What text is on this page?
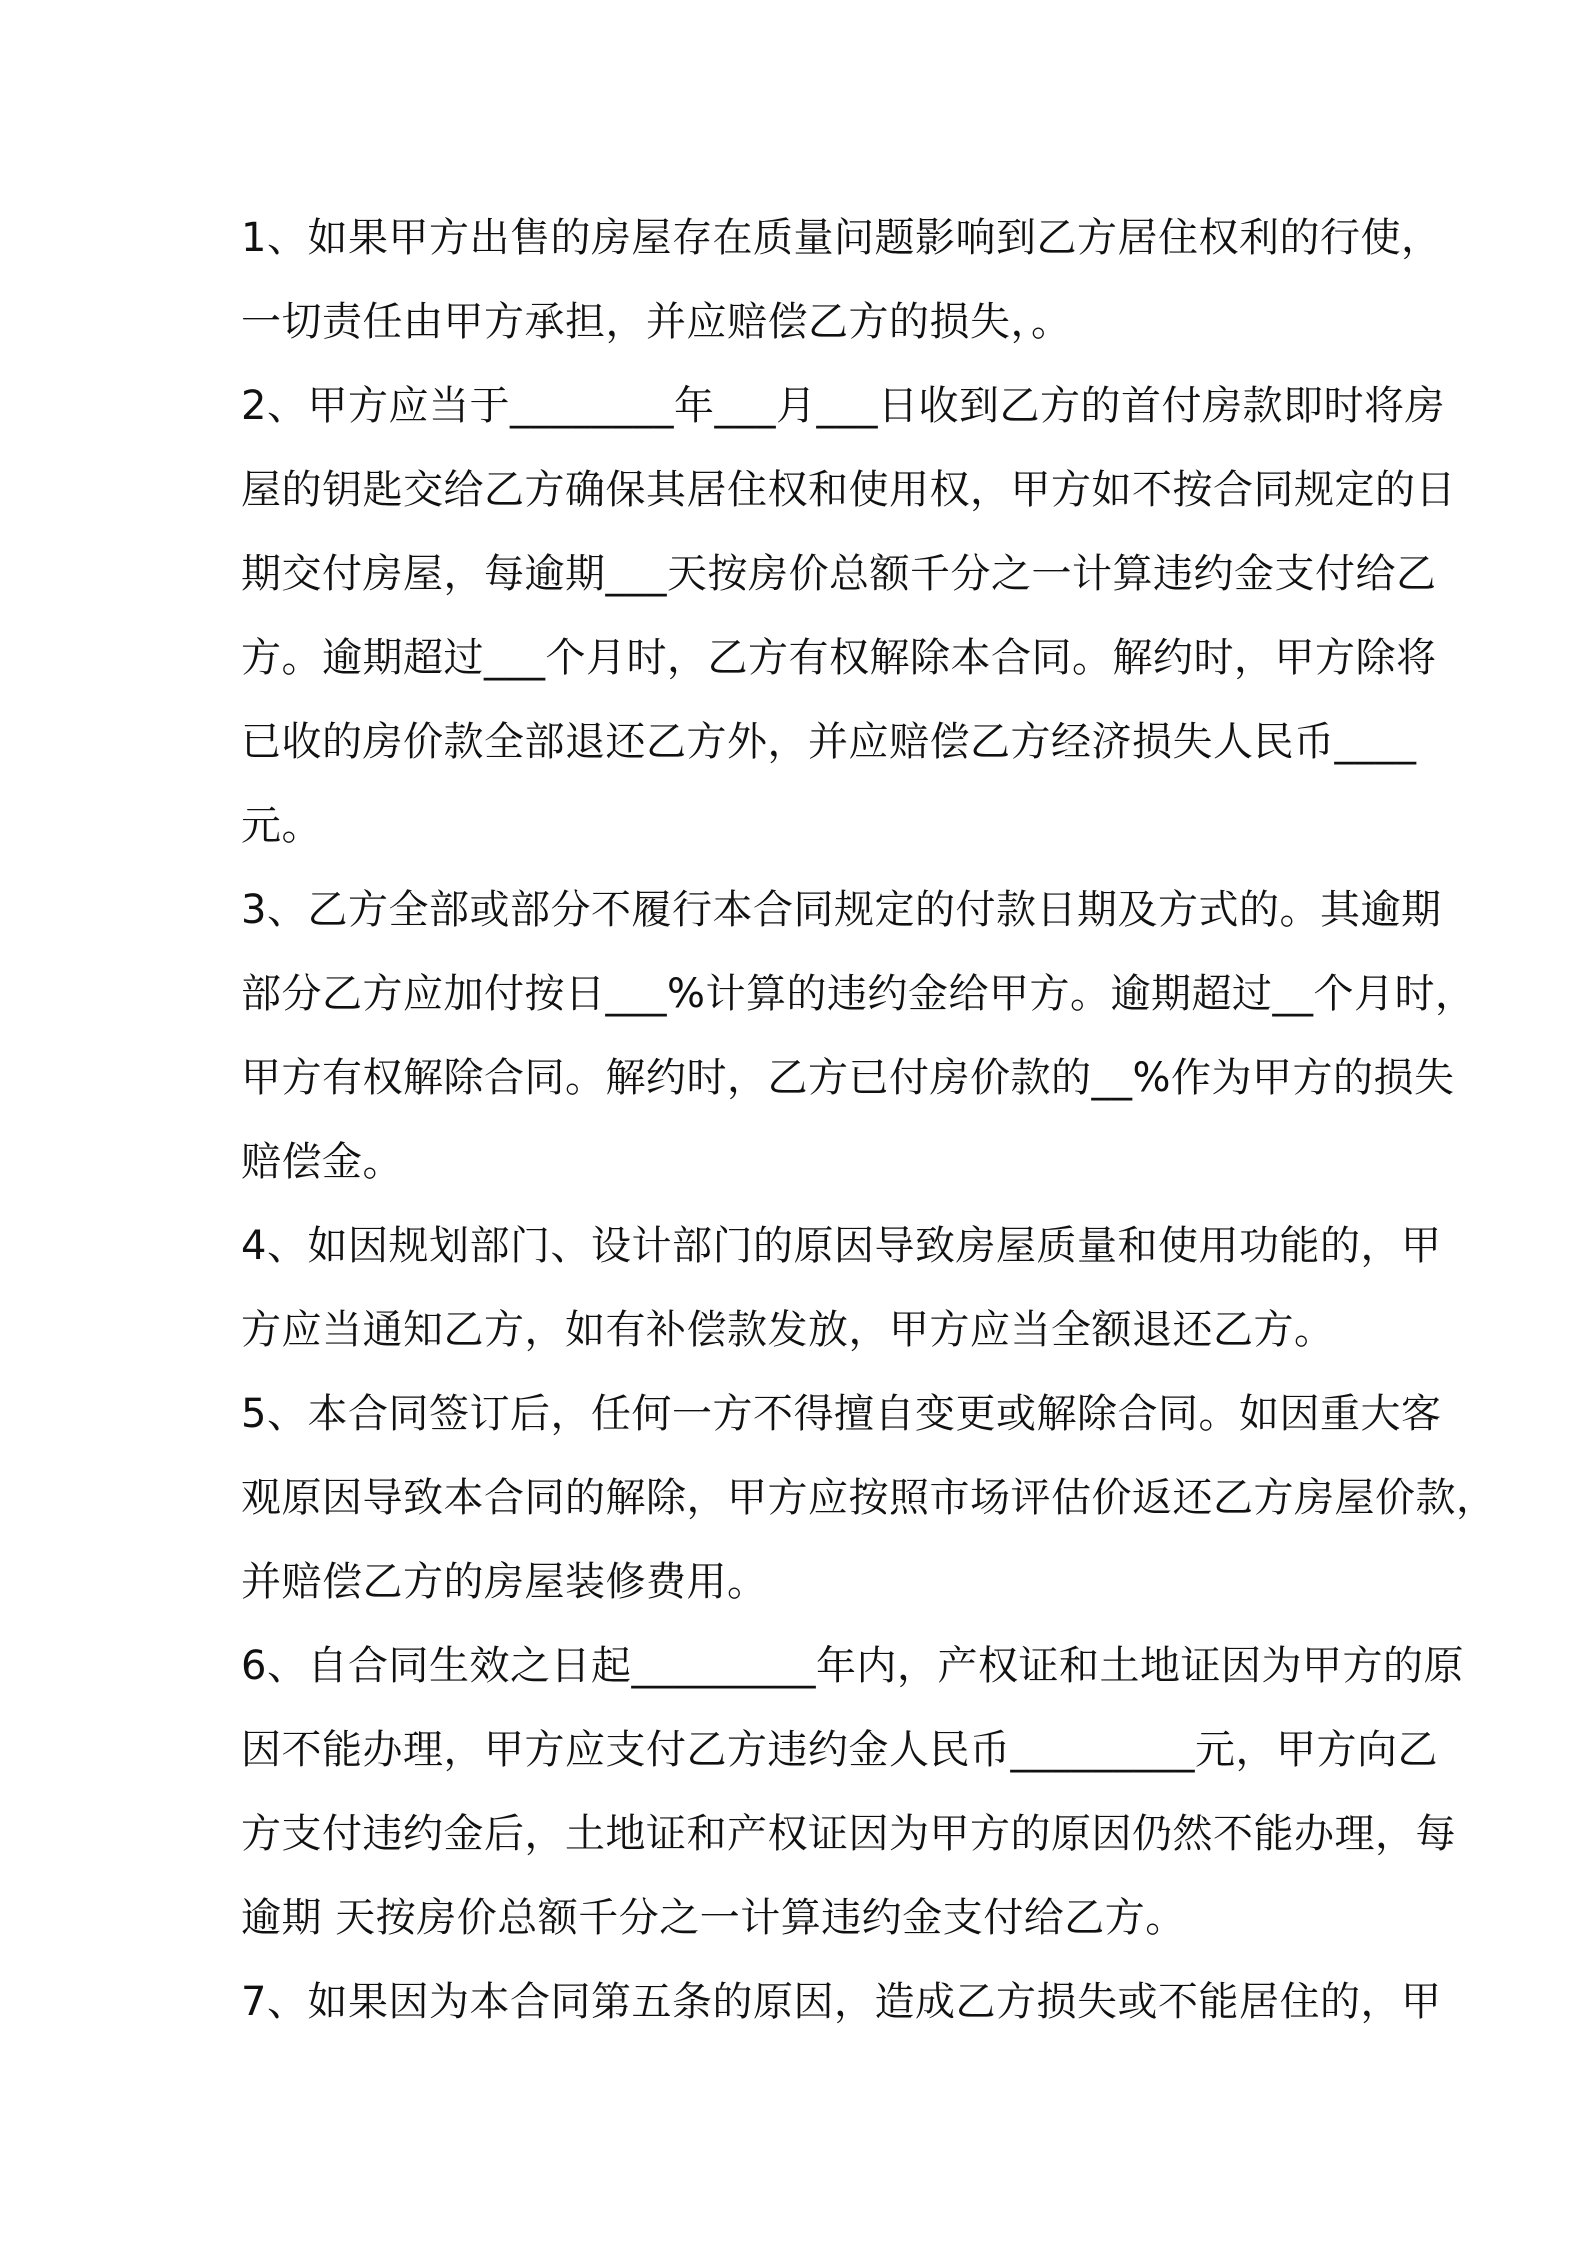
1、如果甲方出售的房屋存在质量问题影响到乙方居住权利的行使，
一切责任由甲方承担，并应赔偿乙方的损失，。
2、甲方应当于________年___月___日收到乙方的首付房款即时将房
屋的钥匙交给乙方确保其居住权和使用权，甲方如不按合同规定的日
期交付房屋，每逾期___天按房价总额千分之一计算违约金支付给乙
方。逾期超过___个月时，乙方有权解除本合同。解约时，甲方除将
已收的房价款全部退还乙方外，并应赔偿乙方经济损失人民币____
元。
3、乙方全部或部分不履行本合同规定的付款日期及方式的。其逾期
部分乙方应加付按日___%计算的违约金给甲方。逾期超过__个月时，
甲方有权解除合同。解约时，乙方已付房价款的__%作为甲方的损失
赔偿金。
4、如因规划部门、设计部门的原因导致房屋质量和使用功能的，甲
方应当通知乙方，如有补偿款发放，甲方应当全额退还乙方。
5、本合同签订后，任何一方不得擅自变更或解除合同。如因重大客
观原因导致本合同的解除，甲方应按照市场评估价返还乙方房屋价款，
并赔偿乙方的房屋装修费用。
6、自合同生效之日起_________年内，产权证和土地证因为甲方的原
因不能办理，甲方应支付乙方违约金人民币_________元，甲方向乙
方支付违约金后，土地证和产权证因为甲方的原因仍然不能办理，每
逾期 天按房价总额千分之一计算违约金支付给乙方。
7、如果因为本合同第五条的原因，造成乙方损失或不能居住的，甲
